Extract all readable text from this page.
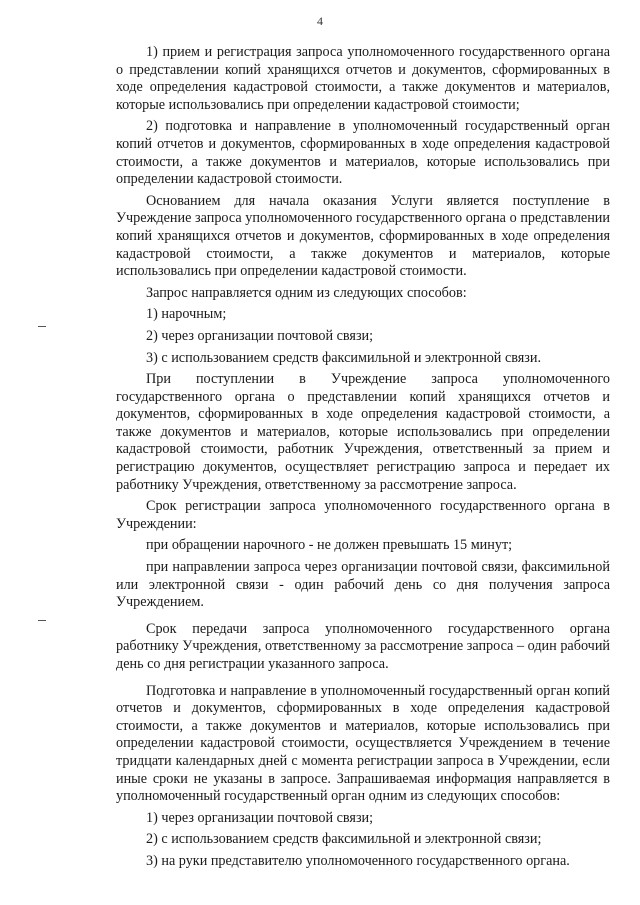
4

1) прием и регистрация запроса уполномоченного государственного органа о представлении копий хранящихся отчетов и документов, сформированных в ходе определения кадастровой стоимости, а также документов и материалов, которые использовались при определении кадастровой стоимости;

2) подготовка и направление в уполномоченный государственный орган копий отчетов и документов, сформированных в ходе определения кадастровой стоимости, а также документов и материалов, которые использовались при определении кадастровой стоимости.

Основанием для начала оказания Услуги является поступление в Учреждение запроса уполномоченного государственного органа о представлении копий хранящихся отчетов и документов, сформированных в ходе определения кадастровой стоимости, а также документов и материалов, которые использовались при определении кадастровой стоимости.

Запрос направляется одним из следующих способов:

1) нарочным;

2) через организации почтовой связи;

3) с использованием средств факсимильной и электронной связи.

При поступлении в Учреждение запроса уполномоченного государственного органа о представлении копий хранящихся отчетов и документов, сформированных в ходе определения кадастровой стоимости, а также документов и материалов, которые использовались при определении кадастровой стоимости, работник Учреждения, ответственный за прием и регистрацию документов, осуществляет регистрацию запроса и передает их работнику Учреждения, ответственному за рассмотрение запроса.

Срок регистрации запроса уполномоченного государственного органа в Учреждении:

при обращении нарочного - не должен превышать 15 минут;

при направлении запроса через организации почтовой связи, факсимильной или электронной связи - один рабочий день со дня получения запроса Учреждением.

Срок передачи запроса уполномоченного государственного органа работнику Учреждения, ответственному за рассмотрение запроса – один рабочий день со дня регистрации указанного запроса.

Подготовка и направление в уполномоченный государственный орган копий отчетов и документов, сформированных в ходе определения кадастровой стоимости, а также документов и материалов, которые использовались при определении кадастровой стоимости, осуществляется Учреждением в течение тридцати календарных дней с момента регистрации запроса в Учреждении, если иные сроки не указаны в запросе. Запрашиваемая информация направляется в уполномоченный государственный орган одним из следующих способов:

1) через организации почтовой связи;

2) с использованием средств факсимильной и электронной связи;

3) на руки представителю уполномоченного государственного органа.
